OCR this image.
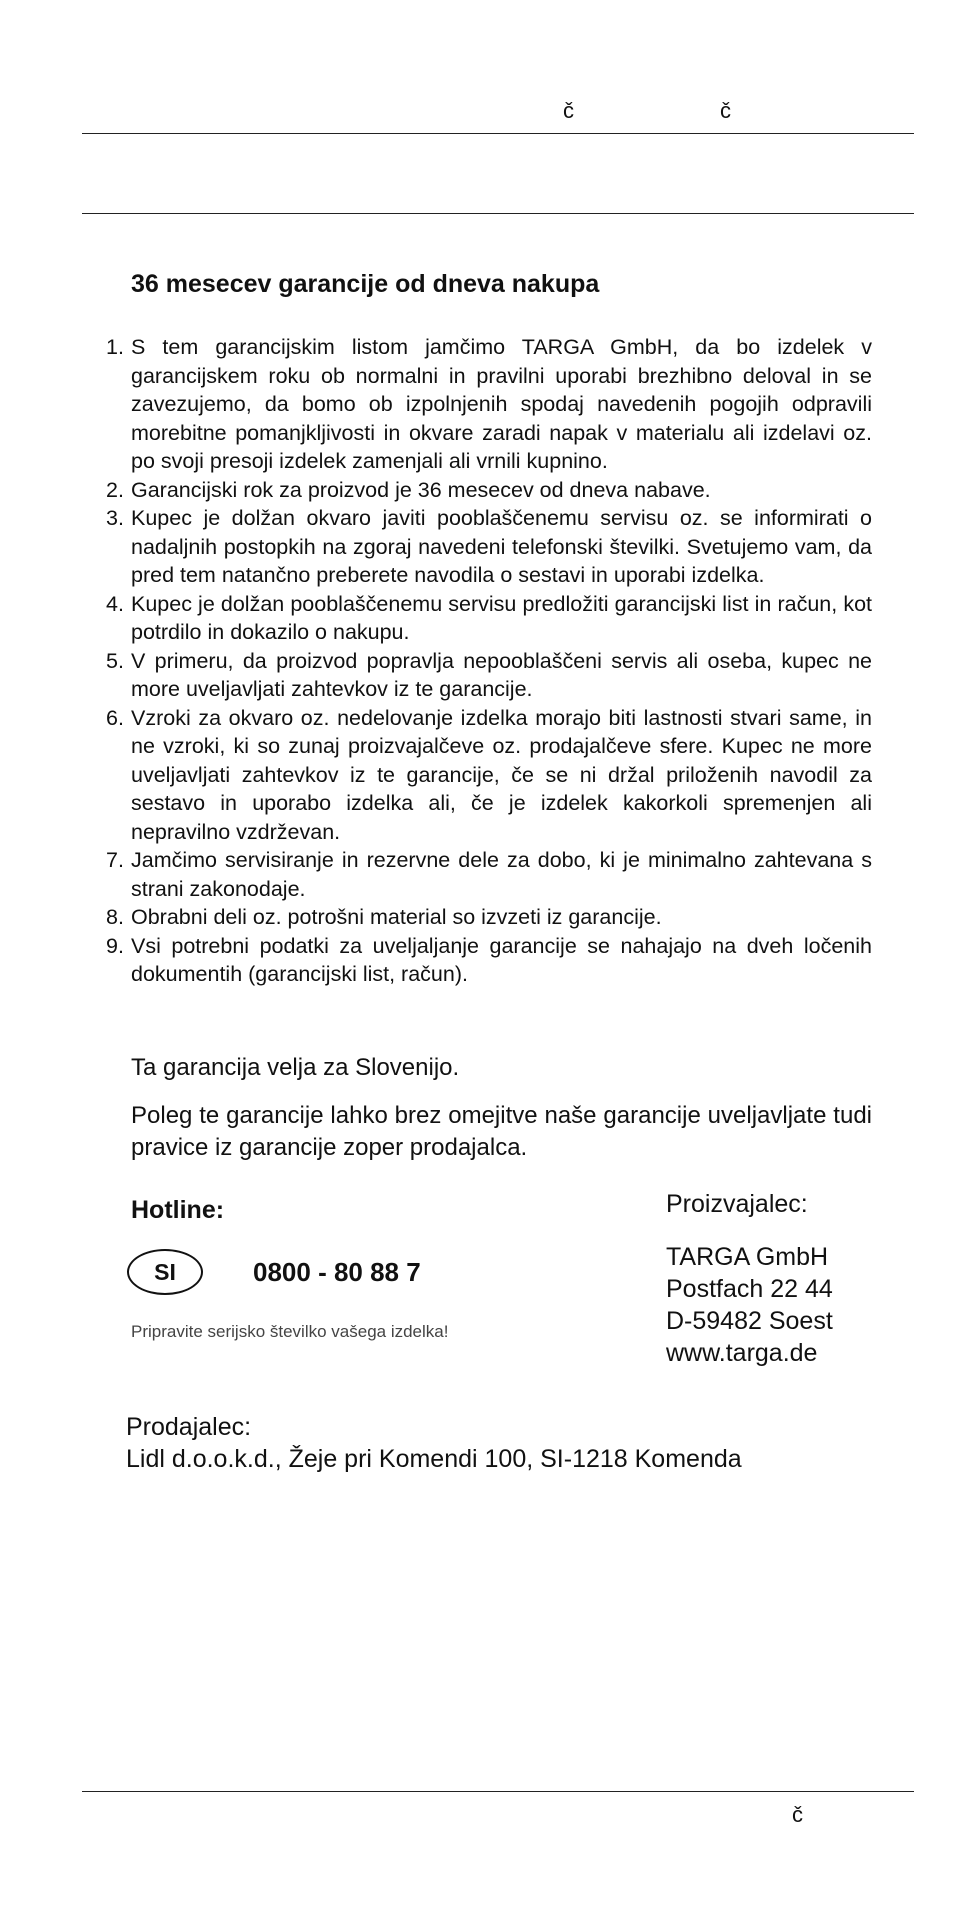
č	č
36 mesecev garancije od dneva nakupa
1. S tem garancijskim listom jamčimo TARGA GmbH, da bo izdelek v garancijskem roku ob normalni in pravilni uporabi brezhibno deloval in se zavezujemo, da bomo ob izpolnjenih spodaj navedenih pogojih odpravili morebitne pomanjkljivosti in okvare zaradi napak v materialu ali izdelavi oz. po svoji presoji izdelek zamenjali ali vrnili kupnino.
2. Garancijski rok za proizvod je 36 mesecev od dneva nabave.
3. Kupec je dolžan okvaro javiti pooblaščenemu servisu oz. se informirati o nadaljnih postopkih na zgoraj navedeni telefonski številki. Svetujemo vam, da pred tem natančno preberete navodila o sestavi in uporabi izdelka.
4. Kupec je dolžan pooblaščenemu servisu predložiti garancijski list in račun, kot potrdilo in dokazilo o nakupu.
5. V primeru, da proizvod popravlja nepooblaščeni servis ali oseba, kupec ne more uveljavljati zahtevkov iz te garancije.
6. Vzroki za okvaro oz. nedelovanje izdelka morajo biti lastnosti stvari same, in ne vzroki, ki so zunaj proizvajalčeve oz. prodajalčeve sfere. Kupec ne more uveljavljati zahtevkov iz te garancije, če se ni držal priloženih navodil za sestavo in uporabo izdelka ali, če je izdelek kakorkoli spremenjen ali nepravilno vzdrževan.
7. Jamčimo servisiranje in rezervne dele za dobo, ki je minimalno zahtevana s strani zakonodaje.
8. Obrabni deli oz. potrošni material so izvzeti iz garancije.
9. Vsi potrebni podatki za uveljaljanje garancije se nahajajo na dveh ločenih dokumentih (garancijski list, račun).

Ta garancija velja za Slovenijo.

Poleg te garancije lahko brez omejitve naše garancije uveljavljate tudi pravice iz garancije zoper prodajalca.

Hotline:
SI	0800 - 80 88 7
Pripravite serijsko številko vašega izdelka!
Proizvajalec:
TARGA GmbH
Postfach 22 44
D-59482 Soest
www.targa.de
Prodajalec:
Lidl d.o.o.k.d., Žeje pri Komendi 100, SI-1218 Komenda
č
